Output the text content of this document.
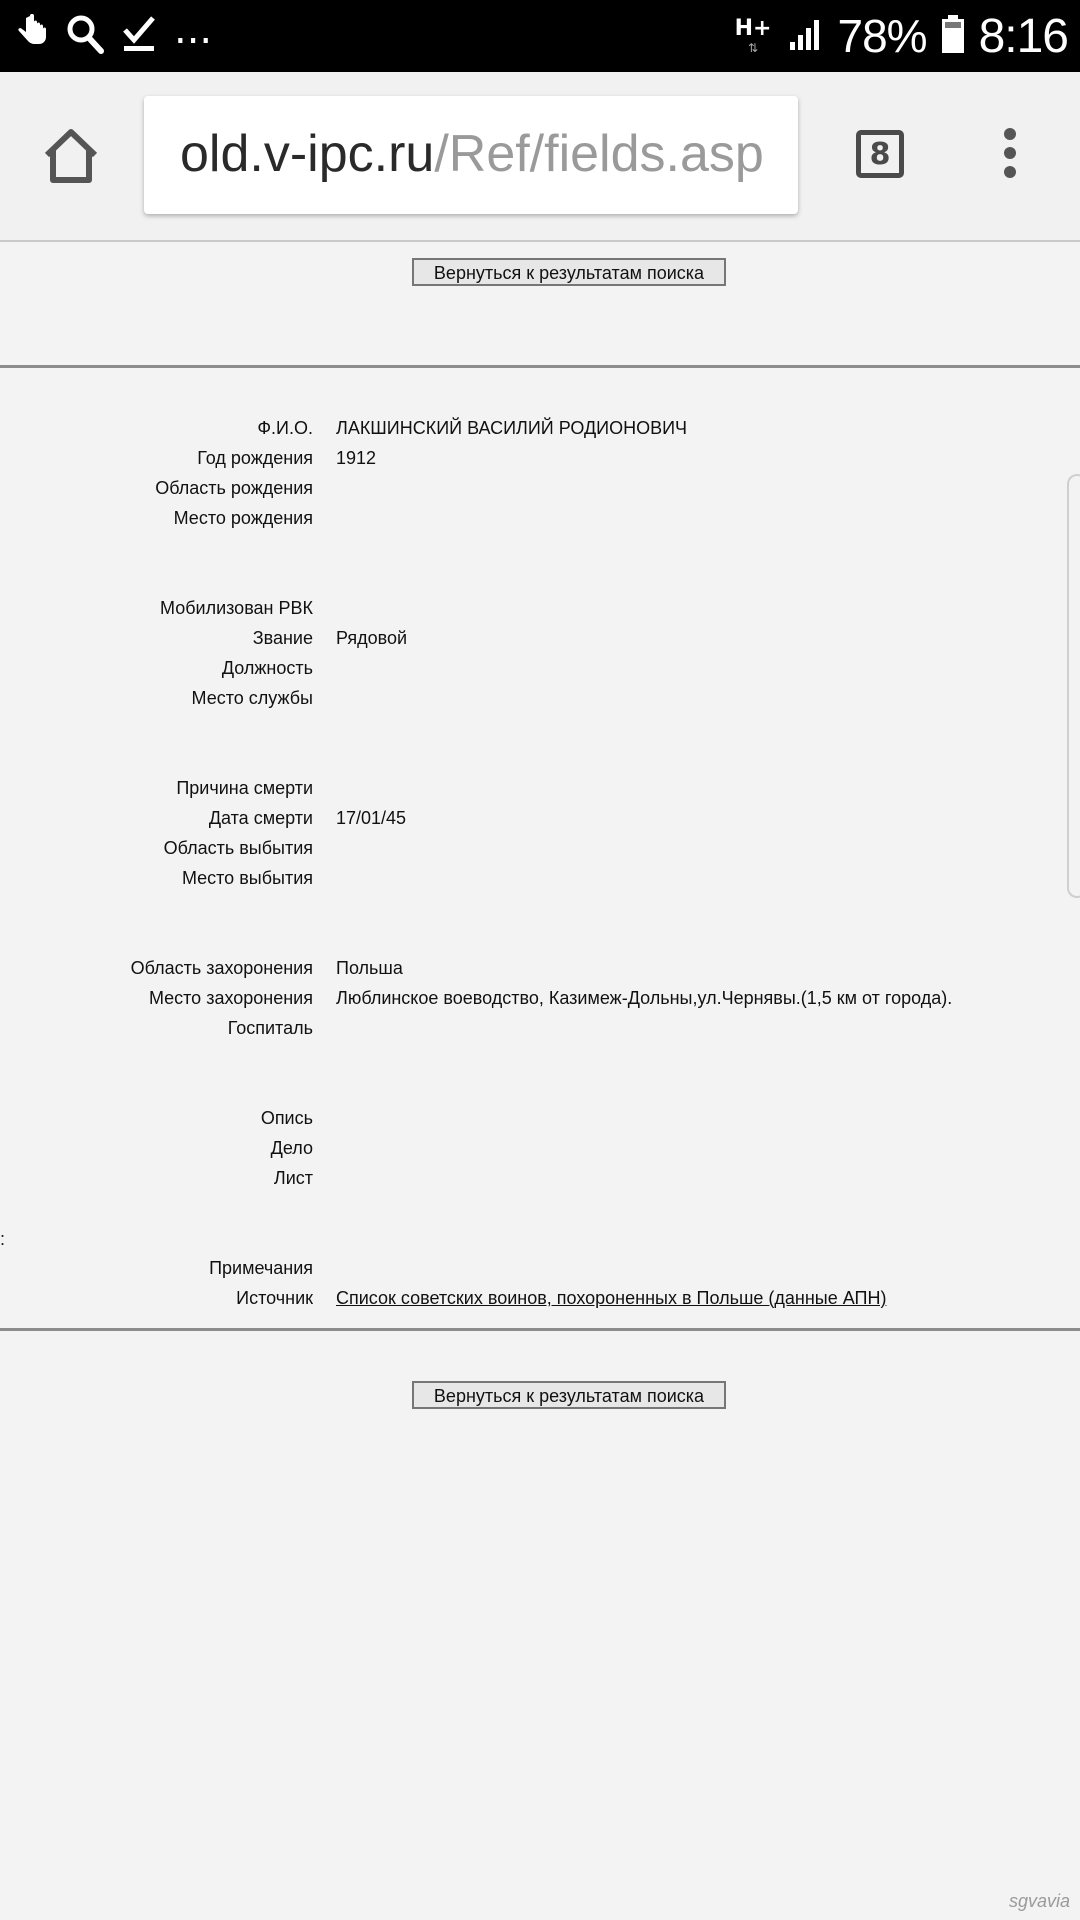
...	H+
⇅ 78% 8:16
old.v-ipc.ru/Ref/fields.asp	8
Вернуться к результатам поиска
Ф.И.О. ЛАКШИНСКИЙ ВАСИЛИЙ РОДИОНОВИЧ
Год рождения 1912
Область рождения
Место рождения
Мобилизован РВК
Звание Рядовой
Должность
Место службы
Причина смерти
Дата смерти 17/01/45
Область выбытия
Место выбытия
Область захоронения Польша
Место захоронения Люблинское воеводство, Казимеж-Дольны,ул.Чернявы.(1,5 км от города).
Госпиталь
Опись
Дело
Лист
:
Примечания
Источник Список советских воинов, похороненных в Польше (данные АПН)
Вернуться к результатам поиска
sgvavia
